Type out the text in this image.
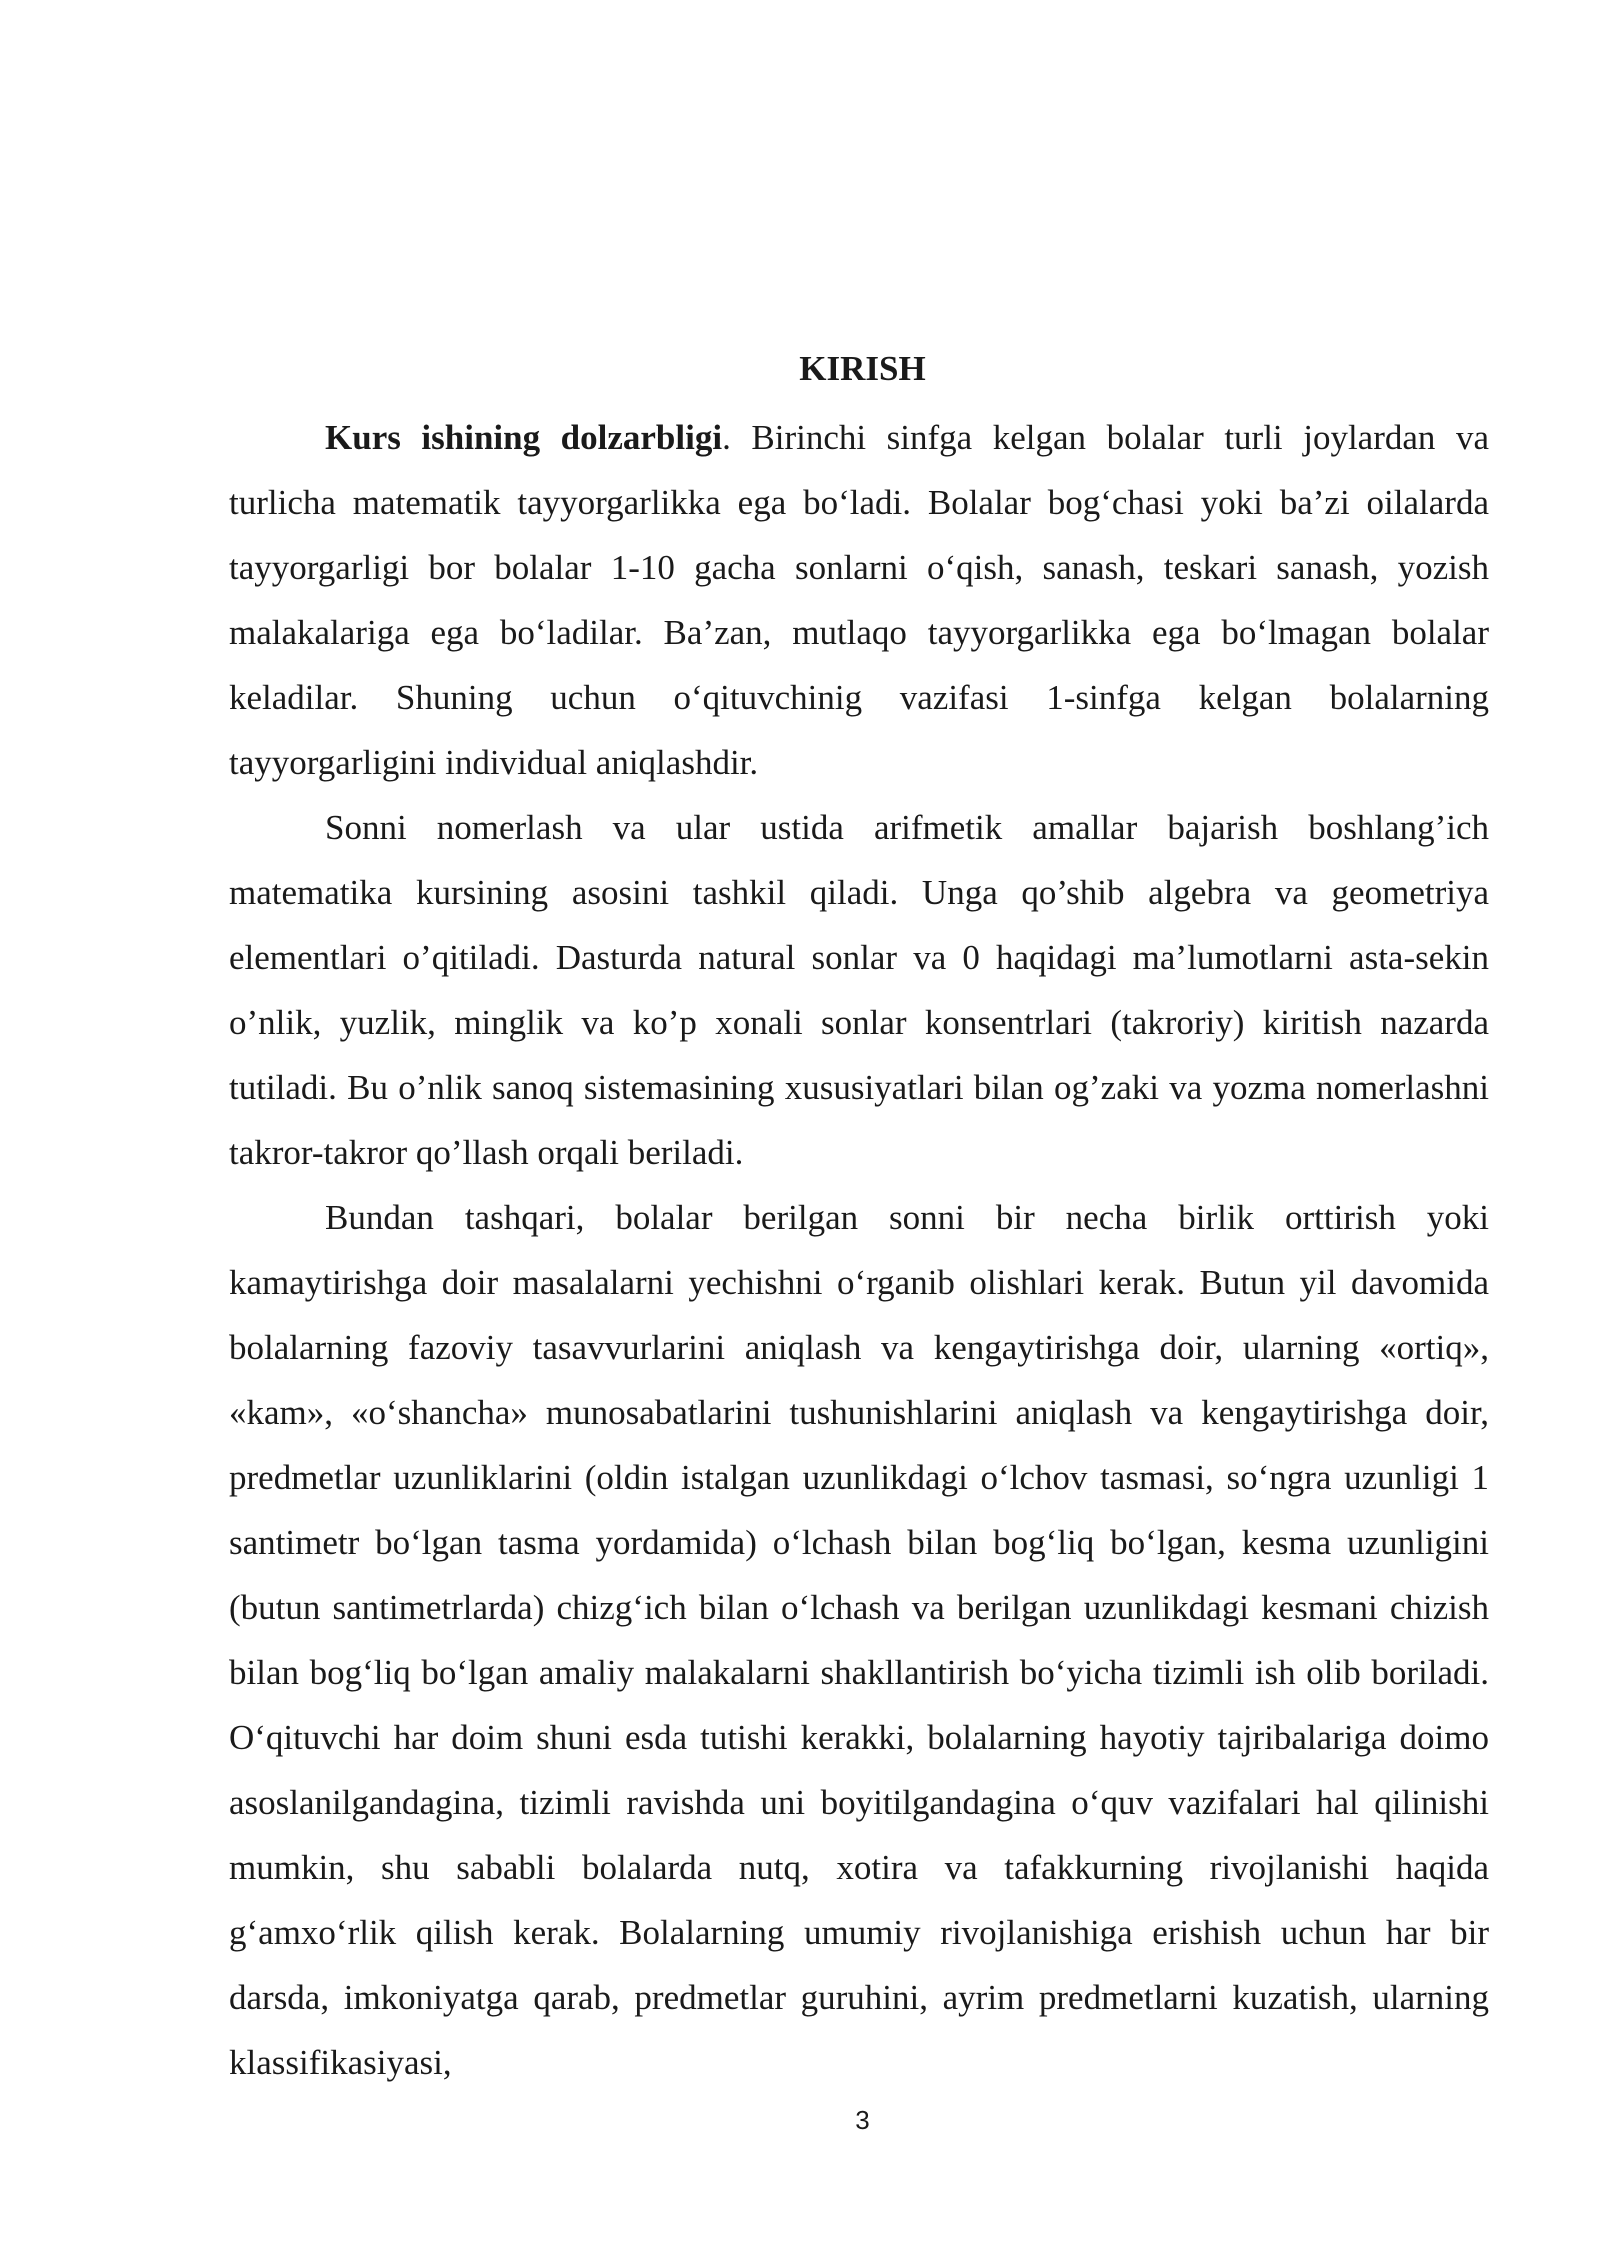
KIRISH

Kurs ishining dolzarbligi. Birinchi sinfga kelgan bolalar turli joylardan va turlicha matematik tayyorgarlikka ega bo‘ladi. Bolalar bog‘chasi yoki ba’zi oilalarda tayyorgarligi bor bolalar 1-10 gacha sonlarni o‘qish, sanash, teskari sanash, yozish malakalariga ega bo‘ladilar. Ba’zan, mutlaqo tayyorgarlikka ega bo‘lmagan bolalar keladilar. Shuning uchun o‘qituvchinig vazifasi 1-sinfga kelgan bolalarning tayyorgarligini individual aniqlashdir.

Sonni nomerlash va ular ustida arifmetik amallar bajarish boshlang’ich matematika kursining asosini tashkil qiladi. Unga qo’shib algebra va geometriya elementlari o’qitiladi. Dasturda natural sonlar va 0 haqidagi ma’lumotlarni asta-sekin o’nlik, yuzlik, minglik va ko’p xonali sonlar konsentrlari (takroriy) kiritish nazarda tutiladi. Bu o’nlik sanoq sistemasining xususiyatlari bilan og’zaki va yozma nomerlashni takror-takror qo’llash orqali beriladi.

Bundan tashqari, bolalar berilgan sonni bir necha birlik orttirish yoki kamaytirishga doir masalalarni yechishni o‘rganib olishlari kerak. Butun yil davomida bolalarning fazoviy tasavvurlarini aniqlash va kengaytirishga doir, ularning «ortiq», «kam», «o‘shancha» munosabatlarini tushunishlarini aniqlash va kengaytirishga doir, predmetlar uzunliklarini (oldin istalgan uzunlikdagi o‘lchov tasmasi, so‘ngra uzunligi 1 santimetr bo‘lgan tasma yordamida) o‘lchash bilan bog‘liq bo‘lgan, kesma uzunligini (butun santimetrlarda) chizg‘ich bilan o‘lchash va berilgan uzunlikdagi kesmani chizish bilan bog‘liq bo‘lgan amaliy malakalarni shakllantirish bo‘yicha tizimli ish olib boriladi. O‘qituvchi har doim shuni esda tutishi kerakki, bolalarning hayotiy tajribalariga doimo asoslanilgandagina, tizimli ravishda uni boyitilgandagina o‘quv vazifalari hal qilinishi mumkin, shu sababli bolalarda nutq, xotira va tafakkurning rivojlanishi haqida g‘amxo‘rlik qilish kerak. Bolalarning umumiy rivojlanishiga erishish uchun har bir darsda, imkoniyatga qarab, predmetlar guruhini, ayrim predmetlarni kuzatish, ularning klassifikasiyasi,

3
